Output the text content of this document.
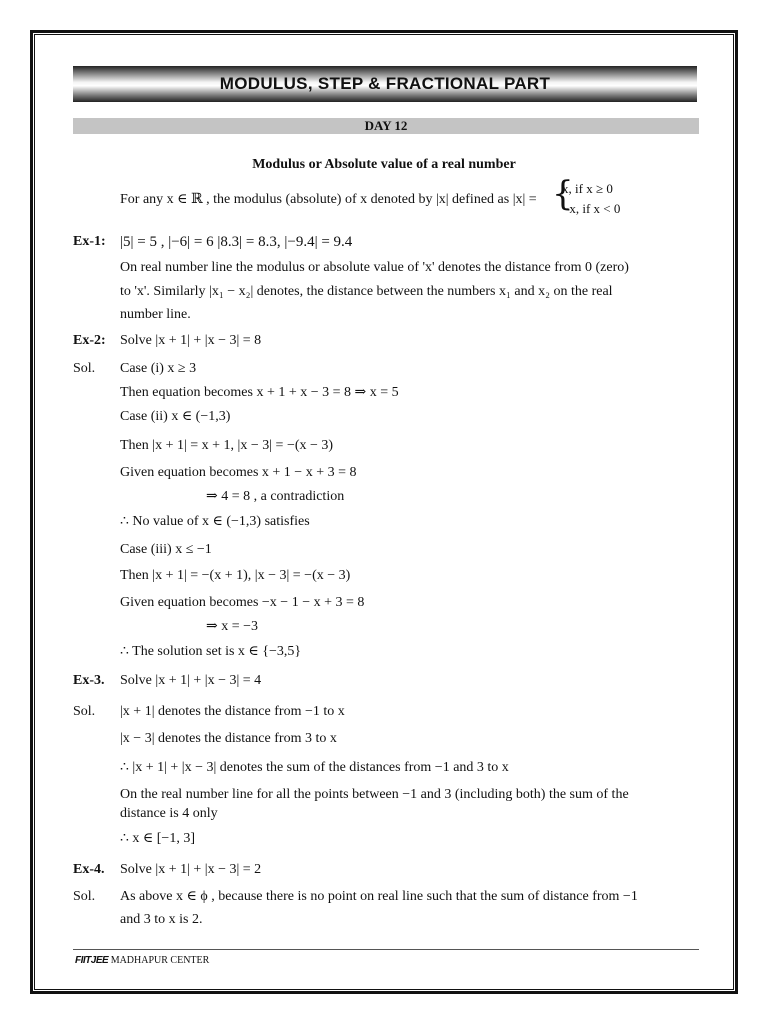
MODULUS, STEP & FRACTIONAL PART
DAY 12
Modulus or Absolute value of a real number
For any x ∈ ℝ , the modulus (absolute) of x denoted by |x| defined as |x| = {
x, if x ≥ 0
−x, if x < 0
Ex-1: |5| = 5 , |−6| = 6 |8.3| = 8.3, |−9.4| = 9.4
On real number line the modulus or absolute value of 'x' denotes the distance from 0 (zero)
to 'x'. Similarly |x₁ − x₂| denotes, the distance between the numbers x₁ and x₂ on the real
number line.
Ex-2: Solve |x + 1| + |x − 3| = 8
Sol. Case (i) x ≥ 3
Then equation becomes x + 1 + x − 3 = 8 ⇒ x = 5
Case (ii) x ∈ (−1,3)
Then |x + 1| = x + 1, |x − 3| = −(x − 3)
Given equation becomes x + 1 − x + 3 = 8
⇒ 4 = 8 , a contradiction
∴ No value of x ∈ (−1,3) satisfies
Case (iii) x ≤ −1
Then |x + 1| = −(x + 1), |x − 3| = −(x − 3)
Given equation becomes −x − 1 − x + 3 = 8
⇒ x = −3
∴ The solution set is x ∈ {−3,5}
Ex-3. Solve |x + 1| + |x − 3| = 4
Sol. |x + 1| denotes the distance from −1 to x
|x − 3| denotes the distance from 3 to x
∴ |x + 1| + |x − 3| denotes the sum of the distances from −1 and 3 to x
On the real number line for all the points between −1 and 3 (including both) the sum of the
distance is 4 only
∴ x ∈ [−1, 3]
Ex-4. Solve |x + 1| + |x − 3| = 2
Sol. As above x ∈ ϕ , because there is no point on real line such that the sum of distance from −1
and 3 to x is 2.
FIITJEE MADHAPUR CENTER
